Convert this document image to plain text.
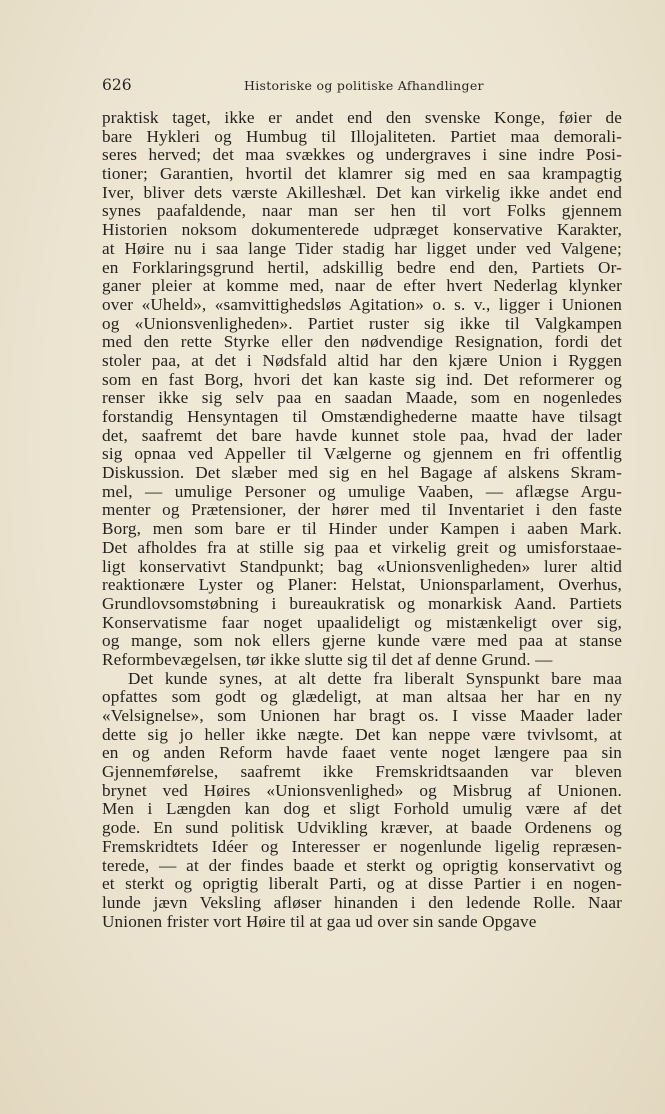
626	Historiske og politiske Afhandlinger
praktisk taget, ikke er andet end den svenske Konge, føier de
bare Hykleri og Humbug til Illojaliteten. Partiet maa demorali-
seres herved; det maa svækkes og undergraves i sine indre Posi-
tioner; Garantien, hvortil det klamrer sig med en saa krampagtig
Iver, bliver dets værste Akilleshæl. Det kan virkelig ikke andet end
synes paafaldende, naar man ser hen til vort Folks gjennem
Historien noksom dokumenterede udpræget konservative Karakter,
at Høire nu i saa lange Tider stadig har ligget under ved Valgene;
en Forklaringsgrund hertil, adskillig bedre end den, Partiets Or-
ganer pleier at komme med, naar de efter hvert Nederlag klynker
over «Uheld», «samvittighedsløs Agitation» o. s. v., ligger i Unionen
og «Unionsvenligheden». Partiet ruster sig ikke til Valgkampen
med den rette Styrke eller den nødvendige Resignation, fordi det
stoler paa, at det i Nødsfald altid har den kjære Union i Ryggen
som en fast Borg, hvori det kan kaste sig ind. Det reformerer og
renser ikke sig selv paa en saadan Maade, som en nogenledes
forstandig Hensyntagen til Omstændighederne maatte have tilsagt
det, saafremt det bare havde kunnet stole paa, hvad der lader
sig opnaa ved Appeller til Vælgerne og gjennem en fri offentlig
Diskussion. Det slæber med sig en hel Bagage af alskens Skram-
mel, — umulige Personer og umulige Vaaben, — aflægse Argu-
menter og Prætensioner, der hører med til Inventariet i den faste
Borg, men som bare er til Hinder under Kampen i aaben Mark.
Det afholdes fra at stille sig paa et virkelig greit og umisforstaae-
ligt konservativt Standpunkt; bag «Unionsvenligheden» lurer altid
reaktionære Lyster og Planer: Helstat, Unionsparlament, Overhus,
Grundlovsomstøbning i bureaukratisk og monarkisk Aand. Partiets
Konservatisme faar noget upaalideligt og mistænkeligt over sig,
og mange, som nok ellers gjerne kunde være med paa at stanse
Reformbevægelsen, tør ikke slutte sig til det af denne Grund. —
Det kunde synes, at alt dette fra liberalt Synspunkt bare maa
opfattes som godt og glædeligt, at man altsaa her har en ny
«Velsignelse», som Unionen har bragt os. I visse Maader lader
dette sig jo heller ikke nægte. Det kan neppe være tvivlsomt, at
en og anden Reform havde faaet vente noget længere paa sin
Gjennemførelse, saafremt ikke Fremskridtsaanden var bleven
brynet ved Høires «Unionsvenlighed» og Misbrug af Unionen.
Men i Længden kan dog et sligt Forhold umulig være af det
gode. En sund politisk Udvikling kræver, at baade Ordenens og
Fremskridtets Idéer og Interesser er nogenlunde ligelig repræsen-
terede, — at der findes baade et sterkt og oprigtig konservativt og
et sterkt og oprigtig liberalt Parti, og at disse Partier i en nogen-
lunde jævn Veksling afløser hinanden i den ledende Rolle. Naar
Unionen frister vort Høire til at gaa ud over sin sande Opgave
